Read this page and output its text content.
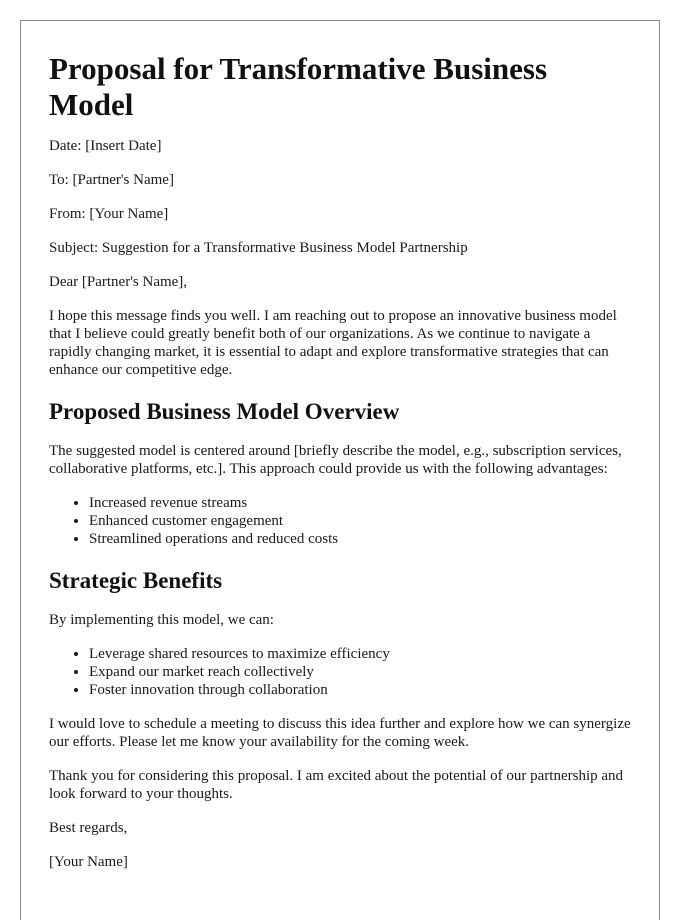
Proposal for Transformative Business Model

Date: [Insert Date]

To: [Partner's Name]

From: [Your Name]

Subject: Suggestion for a Transformative Business Model Partnership

Dear [Partner's Name],

I hope this message finds you well. I am reaching out to propose an innovative business model that I believe could greatly benefit both of our organizations. As we continue to navigate a rapidly changing market, it is essential to adapt and explore transformative strategies that can enhance our competitive edge.

Proposed Business Model Overview

The suggested model is centered around [briefly describe the model, e.g., subscription services, collaborative platforms, etc.]. This approach could provide us with the following advantages:

• Increased revenue streams
• Enhanced customer engagement
• Streamlined operations and reduced costs
Strategic Benefits

By implementing this model, we can:

• Leverage shared resources to maximize efficiency
• Expand our market reach collectively
• Foster innovation through collaboration

I would love to schedule a meeting to discuss this idea further and explore how we can synergize our efforts. Please let me know your availability for the coming week.

Thank you for considering this proposal. I am excited about the potential of our partnership and look forward to your thoughts.

Best regards,

[Your Name]
